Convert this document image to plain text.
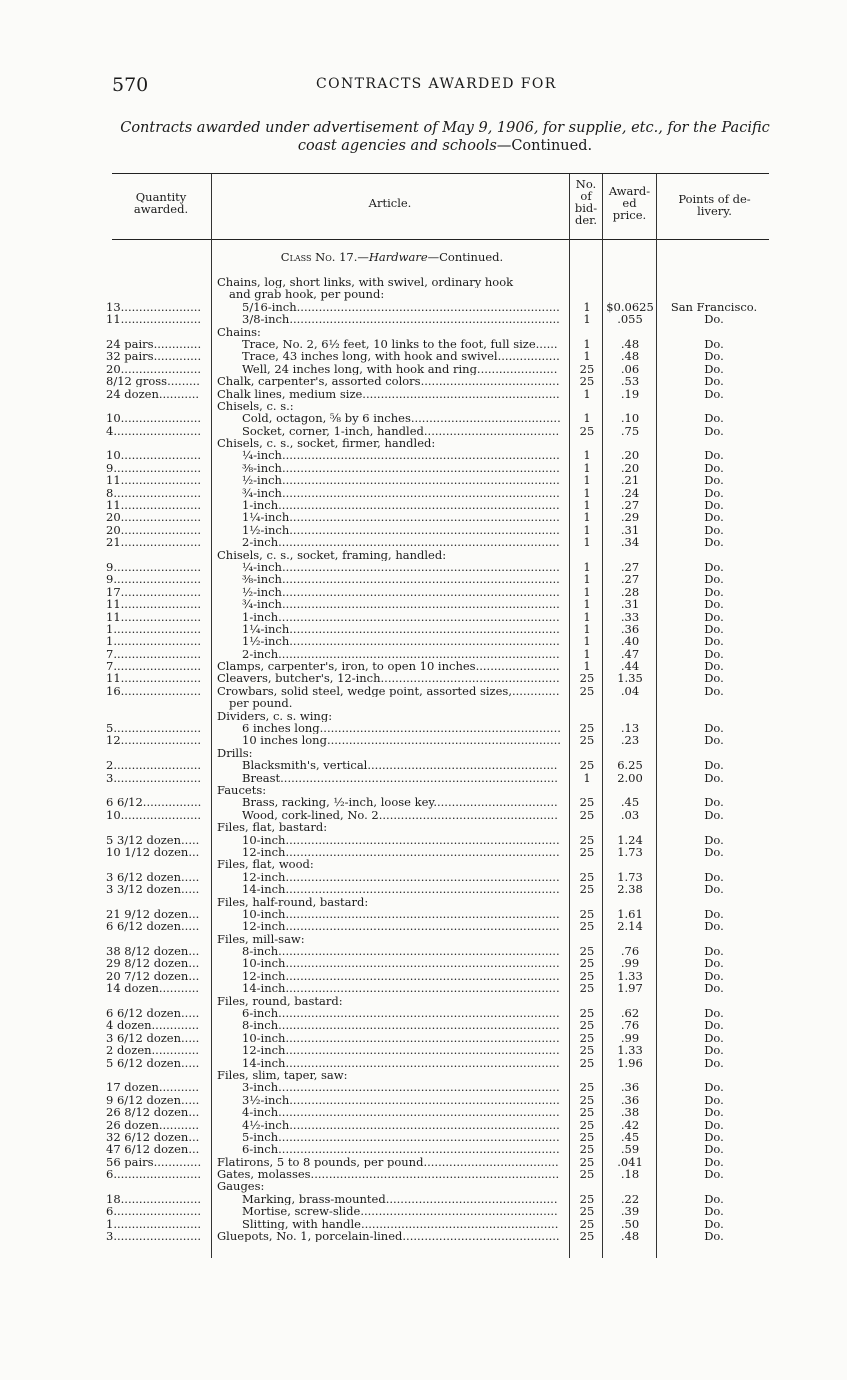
570	CONTRACTS AWARDED FOR
Contracts awarded under advertisement of May 9, 1906, for supplie, etc., for the Pacific
coast agencies and schools—Continued.
Quantity
awarded.	Article.
No.
of
bid-
der.
Award-
ed
price.
Points of de-
livery.
Class No. 17.—Hardware—Continued.
Chains, log, short links, with swivel, ordinary hook
and grab hook, per pound:
13......................	5/16-inch........................................................................	1	$0.0625	San Francisco.
11......................	3/8-inch..........................................................................	1	.055	Do.
Chains:
24 pairs.............	Trace, No. 2, 6½ feet, 10 links to the foot, full size......	1	.48	Do.
32 pairs.............	Trace, 43 inches long, with hook and swivel.................	1	.48	Do.
20......................	Well, 24 inches long, with hook and ring......................	25	.06	Do.
8/12 gross.........	Chalk, carpenter's, assorted colors......................................	25	.53	Do.
24 dozen...........	Chalk lines, medium size......................................................	1	.19	Do.
Chisels, c. s.:
10......................	Cold, octagon, ⅝ by 6 inches.........................................	1	.10	Do.
4........................	Socket, corner, 1-inch, handled.....................................	25	.75	Do.
Chisels, c. s., socket, firmer, handled:
10......................	¼-inch............................................................................	1	.20	Do.
9........................	⅜-inch............................................................................	1	.20	Do.
11......................	½-inch............................................................................	1	.21	Do.
8........................	¾-inch............................................................................	1	.24	Do.
11......................	1-inch.............................................................................	1	.27	Do.
20......................	1¼-inch..........................................................................	1	.29	Do.
20......................	1½-inch..........................................................................	1	.31	Do.
21......................	2-inch.............................................................................	1	.34	Do.
Chisels, c. s., socket, framing, handled:
9........................	¼-inch............................................................................	1	.27	Do.
9........................	⅜-inch............................................................................	1	.27	Do.
17......................	½-inch............................................................................	1	.28	Do.
11......................	¾-inch............................................................................	1	.31	Do.
11......................	1-inch.............................................................................	1	.33	Do.
1........................	1¼-inch..........................................................................	1	.36	Do.
1........................	1½-inch..........................................................................	1	.40	Do.
7........................	2-inch.............................................................................	1	.47	Do.
7........................	Clamps, carpenter's, iron, to open 10 inches.......................	1	.44	Do.
11......................	Cleavers, butcher's, 12-inch.................................................	25	1.35	Do.
16......................	Crowbars, solid steel, wedge point, assorted sizes,.............	25	.04	Do.
per pound.
Dividers, c. s. wing:
5........................	6 inches long..................................................................	25	.13	Do.
12......................	10 inches long................................................................	25	.23	Do.
Drills:
2........................	Blacksmith's, vertical....................................................	25	6.25	Do.
3........................	Breast............................................................................	1	2.00	Do.
Faucets:
6 6/12................	Brass, racking, ½-inch, loose key..................................	25	.45	Do.
10......................	Wood, cork-lined, No. 2.................................................	25	.03	Do.
Files, flat, bastard:
5 3/12 dozen.....	10-inch...........................................................................	25	1.24	Do.
10 1/12 dozen...	12-inch...........................................................................	25	1.73	Do.
Files, flat, wood:
3 6/12 dozen.....	12-inch...........................................................................	25	1.73	Do.
3 3/12 dozen.....	14-inch...........................................................................	25	2.38	Do.
Files, half-round, bastard:
21 9/12 dozen...	10-inch...........................................................................	25	1.61	Do.
6 6/12 dozen.....	12-inch...........................................................................	25	2.14	Do.
Files, mill-saw:
38 8/12 dozen...	8-inch.............................................................................	25	.76	Do.
29 8/12 dozen...	10-inch...........................................................................	25	.99	Do.
20 7/12 dozen...	12-inch...........................................................................	25	1.33	Do.
14 dozen...........	14-inch...........................................................................	25	1.97	Do.
Files, round, bastard:
6 6/12 dozen.....	6-inch.............................................................................	25	.62	Do.
4 dozen.............	8-inch.............................................................................	25	.76	Do.
3 6/12 dozen.....	10-inch...........................................................................	25	.99	Do.
2 dozen.............	12-inch...........................................................................	25	1.33	Do.
5 6/12 dozen.....	14-inch...........................................................................	25	1.96	Do.
Files, slim, taper, saw:
17 dozen...........	3-inch.............................................................................	25	.36	Do.
9 6/12 dozen.....	3½-inch..........................................................................	25	.36	Do.
26 8/12 dozen...	4-inch.............................................................................	25	.38	Do.
26 dozen...........	4½-inch..........................................................................	25	.42	Do.
32 6/12 dozen...	5-inch.............................................................................	25	.45	Do.
47 6/12 dozen...	6-inch.............................................................................	25	.59	Do.
56 pairs.............	Flatirons, 5 to 8 pounds, per pound.....................................	25	.041	Do.
6........................	Gates, molasses....................................................................	25	.18	Do.
Gauges:
18......................	Marking, brass-mounted...............................................	25	.22	Do.
6........................	Mortise, screw-slide......................................................	25	.39	Do.
1........................	Slitting, with handle......................................................	25	.50	Do.
3........................	Gluepots, No. 1, porcelain-lined...........................................	25	.48	Do.
